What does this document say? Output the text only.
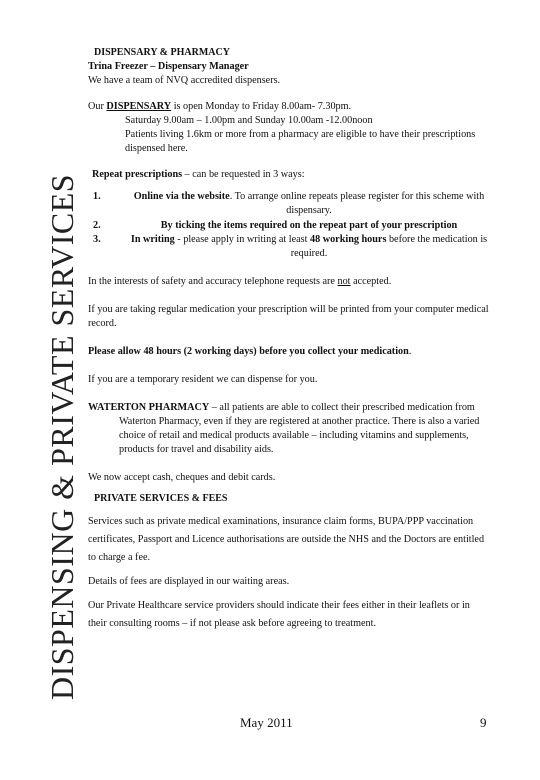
DISPENSING & PRIVATE SERVICES

DISPENSARY & PHARMACY

Trina Freezer – Dispensary Manager

We have a team of NVQ accredited dispensers.

Our DISPENSARY is open Monday to Friday 8.00am- 7.30pm.

Saturday 9.00am – 1.00pm and Sunday 10.00am -12.00noon

Patients living 1.6km or more from a pharmacy are eligible to have their prescriptions dispensed here.

Repeat prescriptions – can be requested in 3 ways:

1.	Online via the website. To arrange online repeats please register for this scheme with dispensary.
2.	By ticking the items required on the repeat part of your prescription
3.	In writing - please apply in writing at least 48 working hours before the medication is required.

In the interests of safety and accuracy telephone requests are not accepted.

If you are taking regular medication your prescription will be printed from your computer medical record.

Please allow 48 hours (2 working days) before you collect your medication.

If you are a temporary resident we can dispense for you.

WATERTON PHARMACY – all patients are able to collect their prescribed medication from Waterton Pharmacy, even if they are registered at another practice. There is also a varied choice of retail and medical products available – including vitamins and supplements, products for travel and disability aids.

We now accept cash, cheques and debit cards.

PRIVATE SERVICES & FEES

Services such as private medical examinations, insurance claim forms, BUPA/PPP vaccination certificates, Passport and Licence authorisations are outside the NHS and the Doctors are entitled to charge a fee.

Details of fees are displayed in our waiting areas.

Our Private Healthcare service providers should indicate their fees either in their leaflets or in their consulting rooms – if not please ask before agreeing to treatment.

May 2011	9
